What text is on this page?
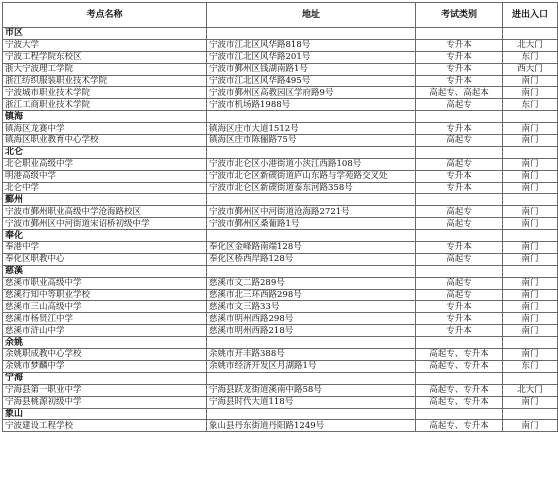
考点名称	地址	考试类别	进出入口
市区			
宁波大学	宁波市江北区风华路818号	专升本	北大门
宁波工程学院东校区	宁波市江北区风华路201号	专升本	东门
浙大宁波理工学院	宁波市鄞州区钱湖南路1号	专升本	西大门
浙江纺织服装职业技术学院	宁波市江北区风华路495号	专升本	南门
宁波城市职业技术学院	宁波市鄞州区高教园区学府路9号	高起专、高起本	南门
浙江工商职业技术学院	宁波市机场路1988号	高起专	东门
镇海			
镇海区龙赛中学	镇海区庄市大道1512号	专升本	南门
镇海区职业教育中心学校	镇海区庄市陈俪路75号	高起专	南门
北仑			
北仑职业高级中学	宁波市北仑区小港街道小浃江西路108号	高起专	南门
明港高级中学	宁波市北仑区新碶街道庐山东路与学苑路交叉处	专升本	南门
北仑中学	宁波市北仑区新碶街道泰东河路358号	专升本	南门
鄞州			
宁波市鄞州职业高级中学沧海路校区	宁波市鄞州区中河街道沧海路2721号	高起专	南门
宁波市鄞州区中河街道宋诏桥初级中学	宁波市鄞州区桑葡路1号	高起专	南门
奉化			
奉港中学	奉化区金峰路南端128号	专升本	南门
奉化区职教中心	奉化区桥西岸路128号	高起专	南门
慈溪			
慈溪市职业高级中学	慈溪市文二路289号	高起专	南门
慈溪行知中等职业学校	慈溪市北三环西路298号	高起专	南门
慈溪市三山高级中学	慈溪市文三路33号	专升本	南门
慈溪市杨贤江中学	慈溪市明州西路298号	专升本	南门
慈溪市浒山中学	慈溪市明州西路218号	专升本	南门
余姚			
余姚职成教中心学校	余姚市开丰路388号	高起专、专升本	南门
余姚市梦麟中学	余姚市经济开发区月湖路1号	高起专、专升本	东门
宁海			
宁海县第一职业中学	宁海县跃龙街道溪南中路58号	高起专、专升本	北大门
宁海县桃源初级中学	宁海县时代大道118号	高起专、专升本	南门
象山			
宁波建设工程学校	象山县丹东街道丹阳路1249号	高起专、专升本	南门
